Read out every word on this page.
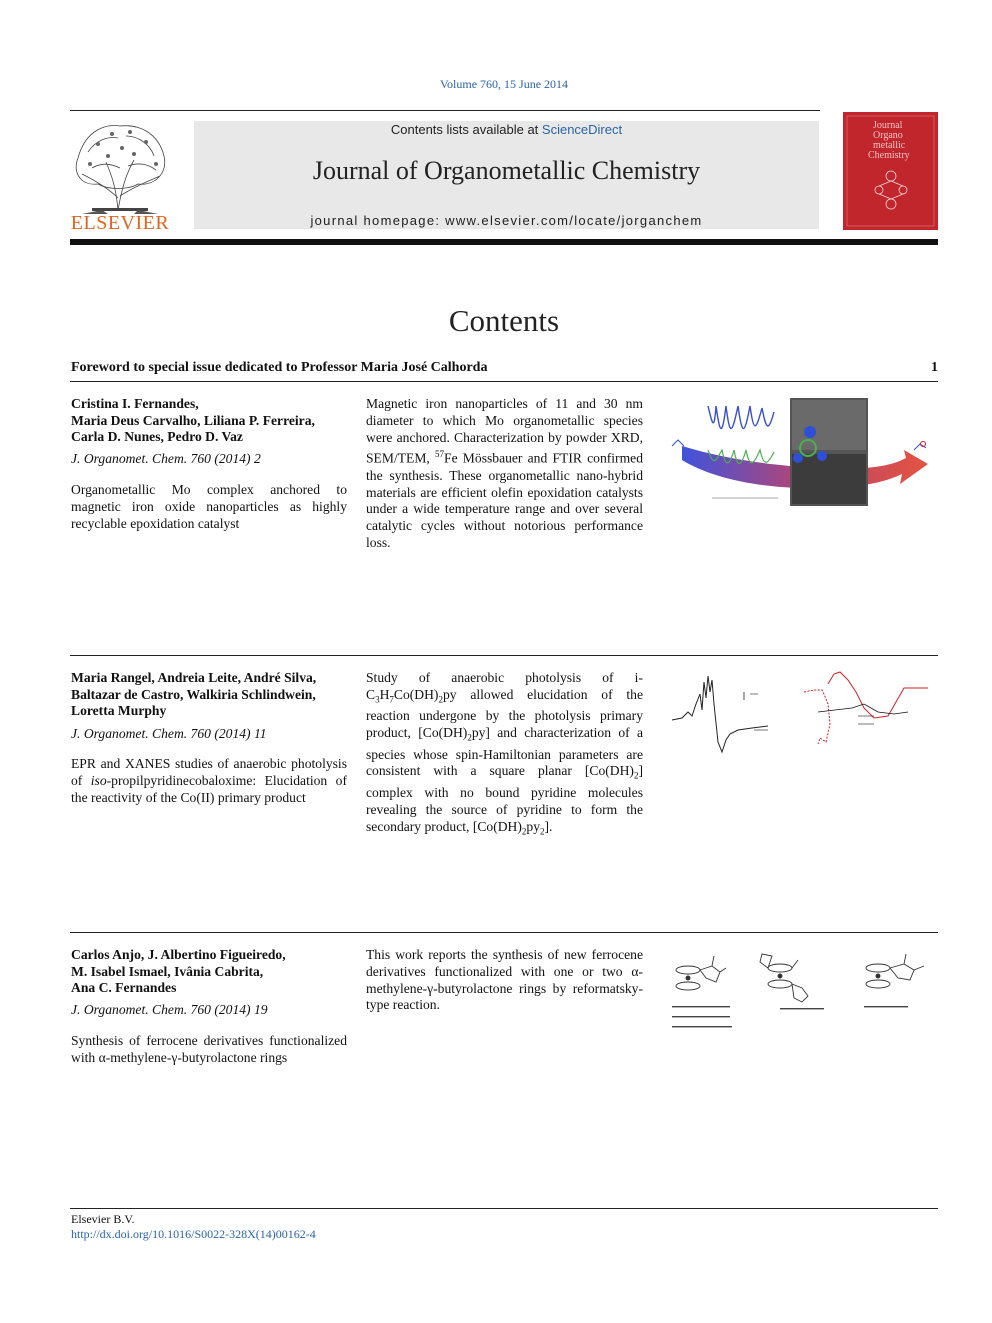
Volume 760, 15 June 2014
ELSEVIER
Contents lists available at ScienceDirect
Journal of Organometallic Chemistry
journal homepage: www.elsevier.com/locate/jorganchem
Journal
Organo
metallic
Chemistry
Contents
Foreword to special issue dedicated to Professor Maria José Calhorda	1
Cristina I. Fernandes,
Maria Deus Carvalho, Liliana P. Ferreira,
Carla D. Nunes, Pedro D. Vaz
J. Organomet. Chem. 760 (2014) 2
Organometallic Mo complex anchored to magnetic iron oxide nanoparticles as highly recyclable epoxidation catalyst
Magnetic iron nanoparticles of 11 and 30 nm diameter to which Mo organometallic species were anchored. Characterization by powder XRD, SEM/TEM, $^{57}$Fe Mössbauer and FTIR confirmed the synthesis. These organometallic nano-hybrid materials are efficient olefin epoxidation catalysts under a wide temperature range and over several catalytic cycles without notorious performance loss.
Maria Rangel, Andreia Leite, André Silva,
Baltazar de Castro, Walkiria Schlindwein,
Loretta Murphy
J. Organomet. Chem. 760 (2014) 11
EPR and XANES studies of anaerobic photolysis of iso-propilpyridinecobaloxime: Elucidation of the reactivity of the Co(II) primary product
Study of anaerobic photolysis of $i-C_3H_7Co(DH)_2py$ allowed elucidation of the reaction undergone by the photolysis primary product, $[Co(DH)_2py]$ and characterization of a species whose spin-Hamiltonian parameters are consistent with a square planar $[Co(DH)_2]$ complex with no bound pyridine molecules revealing the source of pyridine to form the secondary product, $[Co(DH)_2py_2]$.
Carlos Anjo, J. Albertino Figueiredo,
M. Isabel Ismael, Ivânia Cabrita,
Ana C. Fernandes
J. Organomet. Chem. 760 (2014) 19
Synthesis of ferrocene derivatives functionalized with α-methylene-γ-butyrolactone rings
This work reports the synthesis of new ferrocene derivatives functionalized with one or two α-methylene-γ-butyrolactone rings by reformatsky-type reaction.
Elsevier B.V.
http://dx.doi.org/10.1016/S0022-328X(14)00162-4
